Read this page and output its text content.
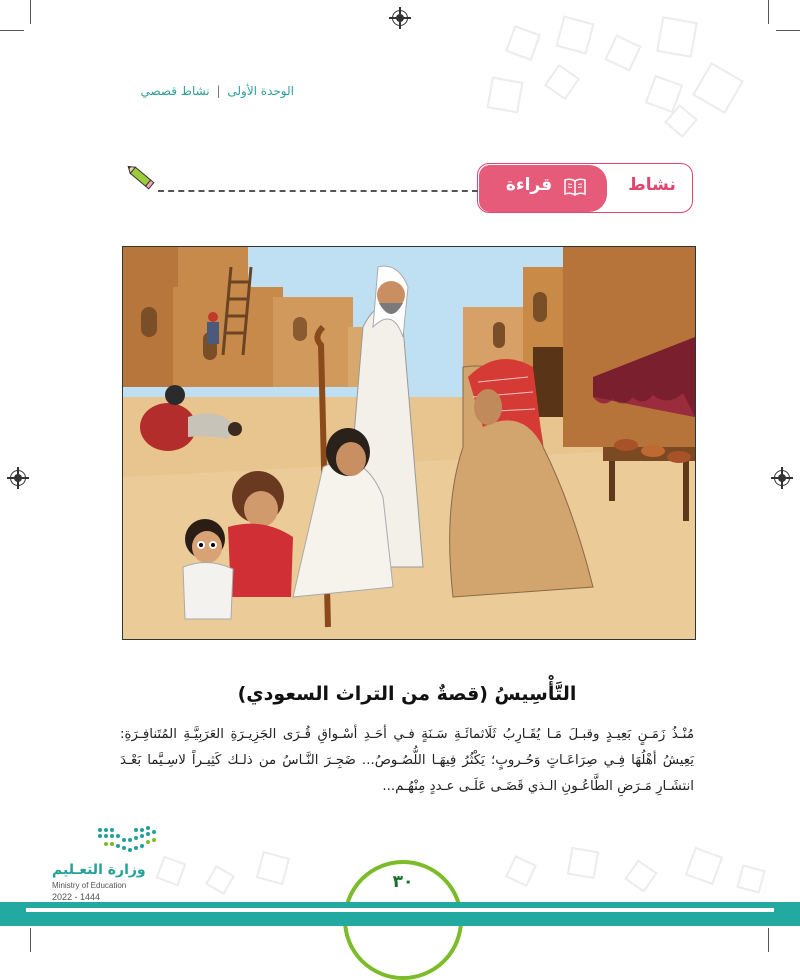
الوحدة الأولى | نشاط قصصي
نشاط
قراءة
التَّأْسِيسُ (قصةٌ من التراث السعودي)
مُنْـذُ زَمَـنٍ بَعِيـدٍ وقبـلَ مَـا يُقَـارِبُ ثَلَاثمائَـةِ سَـنَةٍ فـي أحَـدِ أسْـواقِ قُـرَى الجَزِيـرَةِ العَرَبِيَّـةِ المُتَنافِـرَةِ: يَعِيشُ أهْلُهَا فِـي صِرَاعَـاتٍ وَحُـروبٍ؛ يَكْثُرُ فِيهَـا اللُّصُـوصُ... ضَجِـرَ النَّـاسُ من ذلـك كَثِيـراً لاسِـيَّما بَعْـدَ انتشَـارِ مَـرَضِ الطَّاعُـونِ الـذي قَضَـى عَلَـى عـددٍ مِنْهُـم...
٣٠
وزارة التعـليم
Ministry of Education
2022 - 1444
